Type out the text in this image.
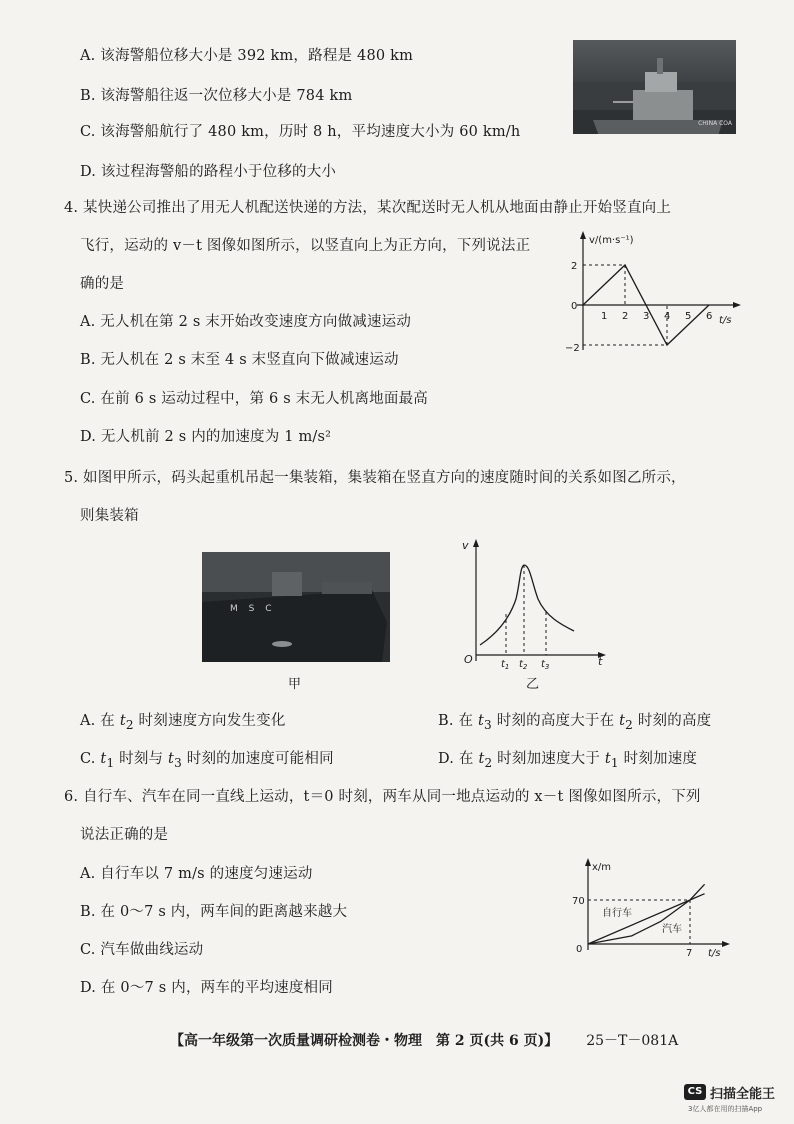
A. 该海警船位移大小是 392 km，路程是 480 km
B. 该海警船往返一次位移大小是 784 km
C. 该海警船航行了 480 km，历时 8 h，平均速度大小为 60 km/h
D. 该过程海警船的路程小于位移的大小
CHINA COA
4. 某快递公司推出了用无人机配送快递的方法，某次配送时无人机从地面由静止开始竖直向上
飞行，运动的 v－t 图像如图所示，以竖直向上为正方向，下列说法正
确的是
A. 无人机在第 2 s 末开始改变速度方向做减速运动
B. 无人机在 2 s 末至 4 s 末竖直向下做减速运动
C. 在前 6 s 运动过程中，第 6 s 末无人机离地面最高
D. 无人机前 2 s 内的加速度为 1 m/s²
v/(m·s⁻¹)
t/s
0
2
−2
1 2 3 4 5 6
5. 如图甲所示，码头起重机吊起一集装箱，集装箱在竖直方向的速度随时间的关系如图乙所示，
则集装箱
M S C
甲
v
t
O	$t_1$ $t_2$ $t_3$
乙
A. 在 $t_2$ 时刻速度方向发生变化	B. 在 $t_3$ 时刻的高度大于在 $t_2$ 时刻的高度
C. $t_1$ 时刻与 $t_3$ 时刻的加速度可能相同	D. 在 $t_2$ 时刻加速度大于 $t_1$ 时刻加速度
6. 自行车、汽车在同一直线上运动，t＝0 时刻，两车从同一地点运动的 x－t 图像如图所示，下列
说法正确的是
A. 自行车以 7 m/s 的速度匀速运动
B. 在 0～7 s 内，两车间的距离越来越大
C. 汽车做曲线运动
D. 在 0～7 s 内，两车的平均速度相同
x/m
t/s
0
70
7
自行车
汽车
【高一年级第一次质量调研检测卷・物理　第 2 页(共 6 页)】 25－T－081A
CS 扫描全能王
3亿人都在用的扫描App
